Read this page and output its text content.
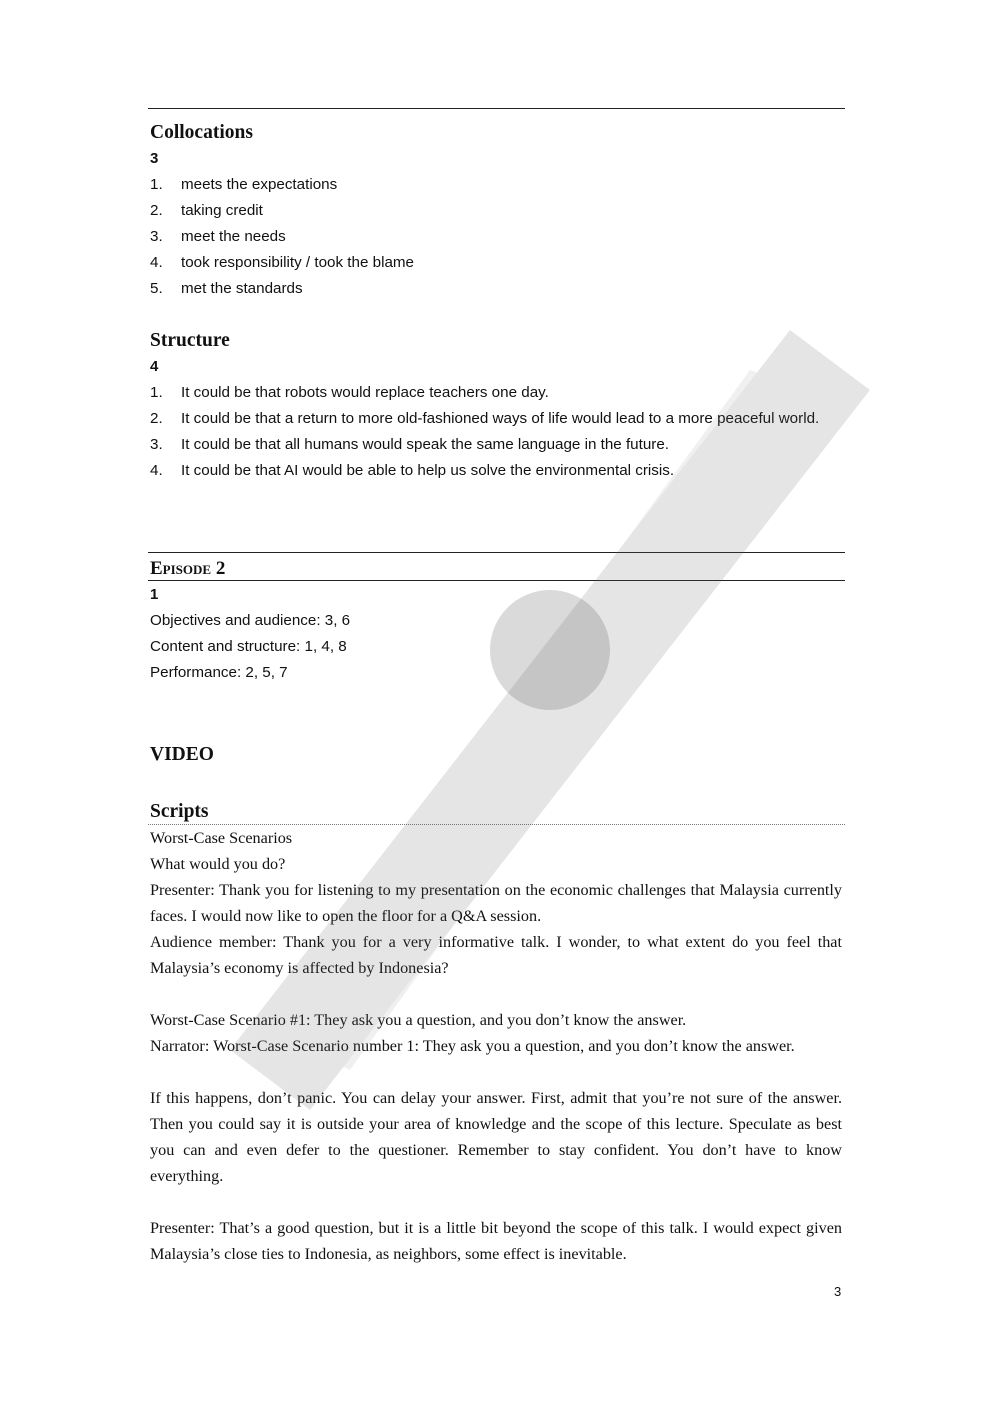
Collocations
3
1.	meets the expectations
2.	taking credit
3.	meet the needs
4.	took responsibility / took the blame
5.	met the standards
Structure
4
1.	It could be that robots would replace teachers one day.
2.	It could be that a return to more old-fashioned ways of life would lead to a more peaceful world.
3.	It could be that all humans would speak the same language in the future.
4.	It could be that AI would be able to help us solve the environmental crisis.
Episode 2
1

Objectives and audience: 3, 6

Content and structure: 1, 4, 8

Performance: 2, 5, 7

VIDEO
Scripts

Worst-Case Scenarios

What would you do?

Presenter: Thank you for listening to my presentation on the economic challenges that Malaysia currently faces. I would now like to open the floor for a Q&A session.

Audience member: Thank you for a very informative talk. I wonder, to what extent do you feel that Malaysia’s economy is affected by Indonesia?

Worst-Case Scenario #1: They ask you a question, and you don’t know the answer.

Narrator: Worst-Case Scenario number 1: They ask you a question, and you don’t know the answer.

If this happens, don’t panic. You can delay your answer. First, admit that you’re not sure of the answer. Then you could say it is outside your area of knowledge and the scope of this lecture. Speculate as best you can and even defer to the questioner. Remember to stay confident. You don’t have to know everything.

Presenter: That’s a good question, but it is a little bit beyond the scope of this talk. I would expect given Malaysia’s close ties to Indonesia, as neighbors, some effect is inevitable.

3
